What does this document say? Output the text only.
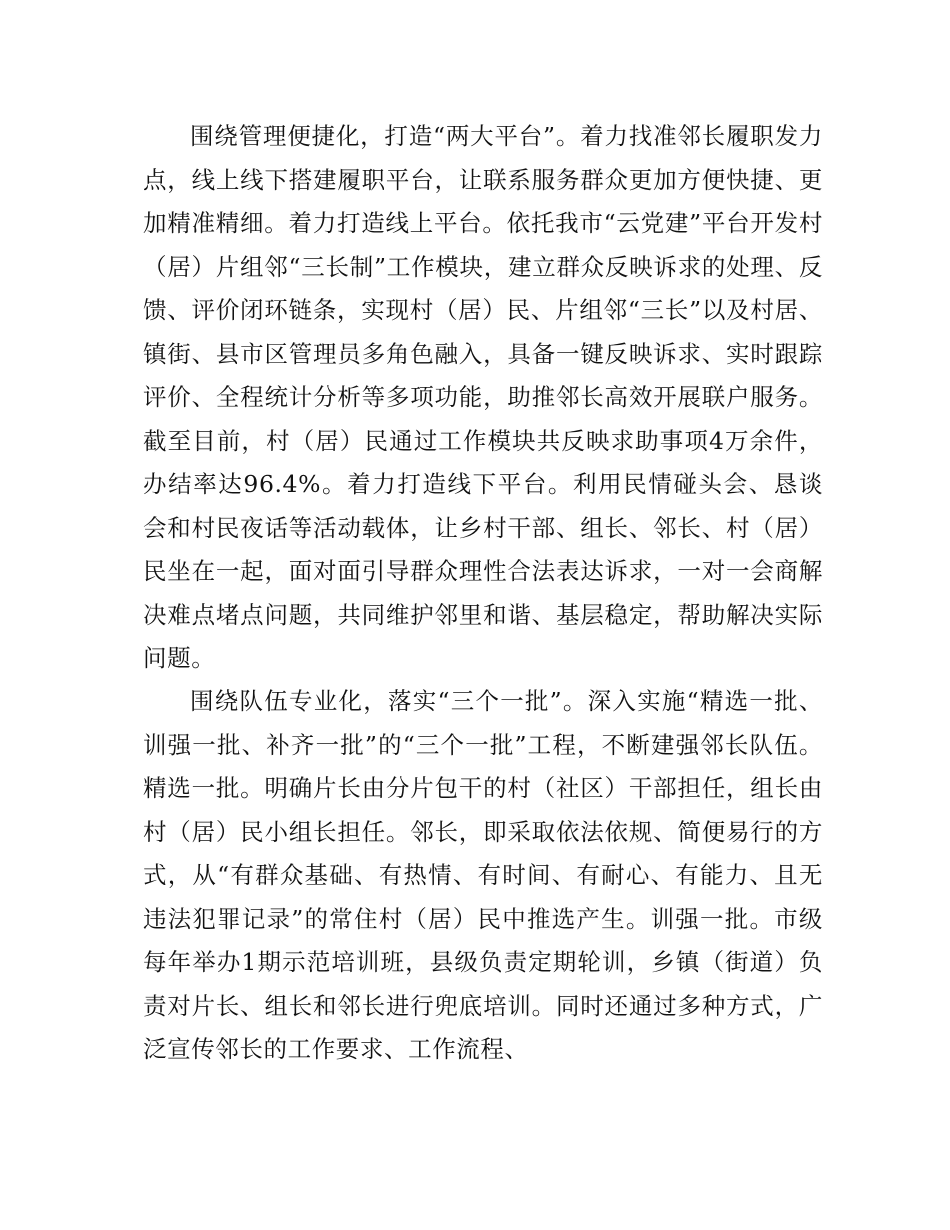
围绕管理便捷化，打造“两大平台”。着力找准邻长履职发力点，线上线下搭建履职平台，让联系服务群众更加方便快捷、更加精准精细。着力打造线上平台。依托我市“云党建”平台开发村（居）片组邻“三长制”工作模块，建立群众反映诉求的处理、反馈、评价闭环链条，实现村（居）民、片组邻“三长”以及村居、镇街、县市区管理员多角色融入，具备一键反映诉求、实时跟踪评价、全程统计分析等多项功能，助推邻长高效开展联户服务。截至目前，村（居）民通过工作模块共反映求助事项4万余件，办结率达96.4%。着力打造线下平台。利用民情碰头会、恳谈会和村民夜话等活动载体，让乡村干部、组长、邻长、村（居）民坐在一起，面对面引导群众理性合法表达诉求，一对一会商解决难点堵点问题，共同维护邻里和谐、基层稳定，帮助解决实际问题。

围绕队伍专业化，落实“三个一批”。深入实施“精选一批、训强一批、补齐一批”的“三个一批”工程，不断建强邻长队伍。精选一批。明确片长由分片包干的村（社区）干部担任，组长由村（居）民小组长担任。邻长，即采取依法依规、简便易行的方式，从“有群众基础、有热情、有时间、有耐心、有能力、且无违法犯罪记录”的常住村（居）民中推选产生。训强一批。市级每年举办1期示范培训班，县级负责定期轮训，乡镇（街道）负责对片长、组长和邻长进行兜底培训。同时还通过多种方式，广泛宣传邻长的工作要求、工作流程、
